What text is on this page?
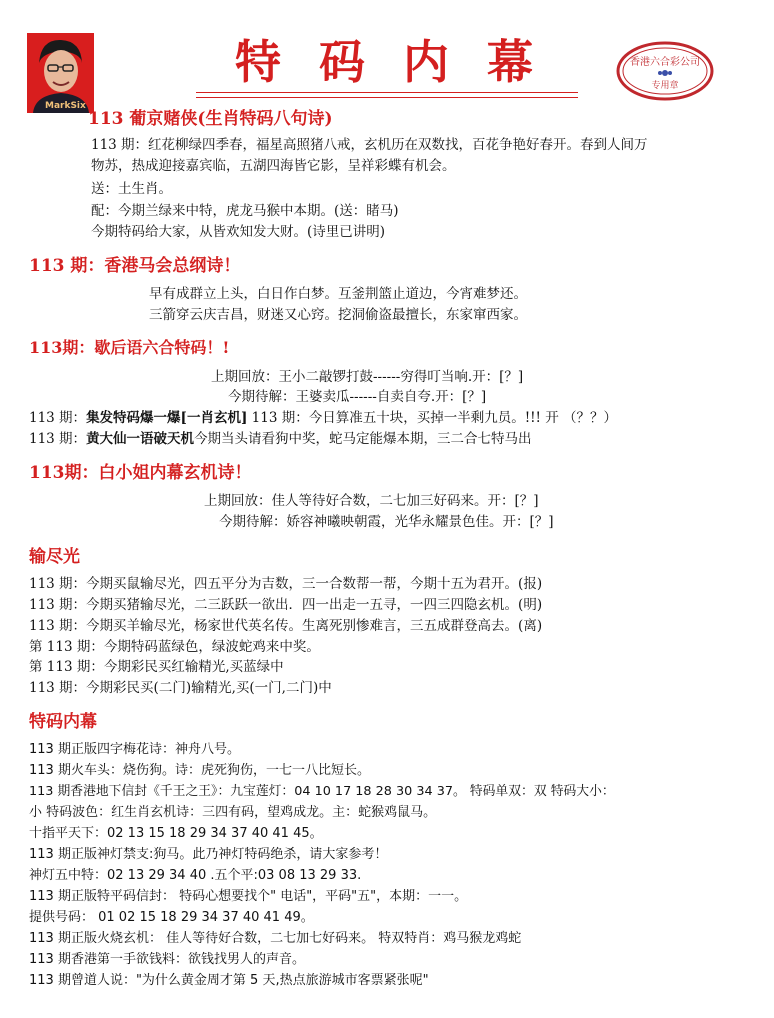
MarkSix
特码内幕	香港六合彩公司
专用章
113 葡京赌侠(生肖特码八句诗)
113 期：红花柳绿四季春，福星高照猪八戒，玄机历在双数找，百花争艳好春开。春到人间万
物苏，热成迎接嘉宾临，五湖四海皆它影，呈祥彩蝶有机会。
送：土生肖。
配：今期兰绿来中特，虎龙马猴中本期。(送：睹马)
今期特码给大家，从皆欢知发大财。(诗里已讲明)
113 期：香港马会总纲诗！
早有成群立上头，白日作白梦。互釜荆篮止道边，今宵难梦还。
三箭穿云庆吉昌，财迷又心窍。挖洞偷盗最擅长，东家窜西家。
113期：歇后语六合特码！!
上期回放：王小二敲锣打鼓------穷得叮当响.开：[？]
今期待解：王婆卖瓜------自卖自夸.开：[？]
113 期：集发特码爆一爆[一肖玄机] 113 期：今日算准五十块，买掉一半剩九员。!!! 开 （？？）
113 期：黄大仙一语破天机今期当头请看狗中奖，蛇马定能爆本期，三二合七特马出
113期：白小姐内幕玄机诗！
上期回放：佳人等待好合数，二七加三好码来。开：[？]
今期待解：娇容神曦映朝霞，光华永耀景色佳。开：[？]
输尽光
113 期：今期买鼠输尽光，四五平分为吉数，三一合数帮一帮，今期十五为君开。(报)
113 期：今期买猪输尽光，二三跃跃一欲出．四一出走一五寻，一四三四隐玄机。(明)
113 期：今期买羊输尽光，杨家世代英名传。生离死别惨难言，三五成群登高去。(离)
第 113 期：今期特码蓝绿色，绿波蛇鸡来中奖。
第 113 期：今期彩民买红输精光,买蓝绿中
113 期：今期彩民买(二门)输精光,买(一门,二门)中
特码内幕
113 期正版四字梅花诗：神舟八号。
113 期火车头：烧伤狗。诗：虎死狗伤，一七一八比短长。
113 期香港地下信封《千王之王》：九宝莲灯：04 10 17 18 28 30 34 37。 特码单双：双 特码大小：
小 特码波色：红生肖玄机诗：三四有码，望鸡成龙。主：蛇猴鸡鼠马。
十指平天下：02 13 15 18 29 34 37 40 41 45。
113 期正版神灯禁支:狗马。此乃神灯特码绝杀，请大家参考！
神灯五中特：02 13 29 34 40 .五个平:03 08 13 29 33.
113 期正版特平码信封： 特码心想要找个" 电话"，平码"五"，本期：一一。
提供号码： 01 02 15 18 29 34 37 40 41 49。
113 期正版火烧玄机： 佳人等待好合数，二七加七好码来。 特双特肖：鸡马猴龙鸡蛇
113 期香港第一手欲钱料：欲钱找男人的声音。
113 期曾道人说："为什么黄金周才第 5 天,热点旅游城市客票紧张呢"
